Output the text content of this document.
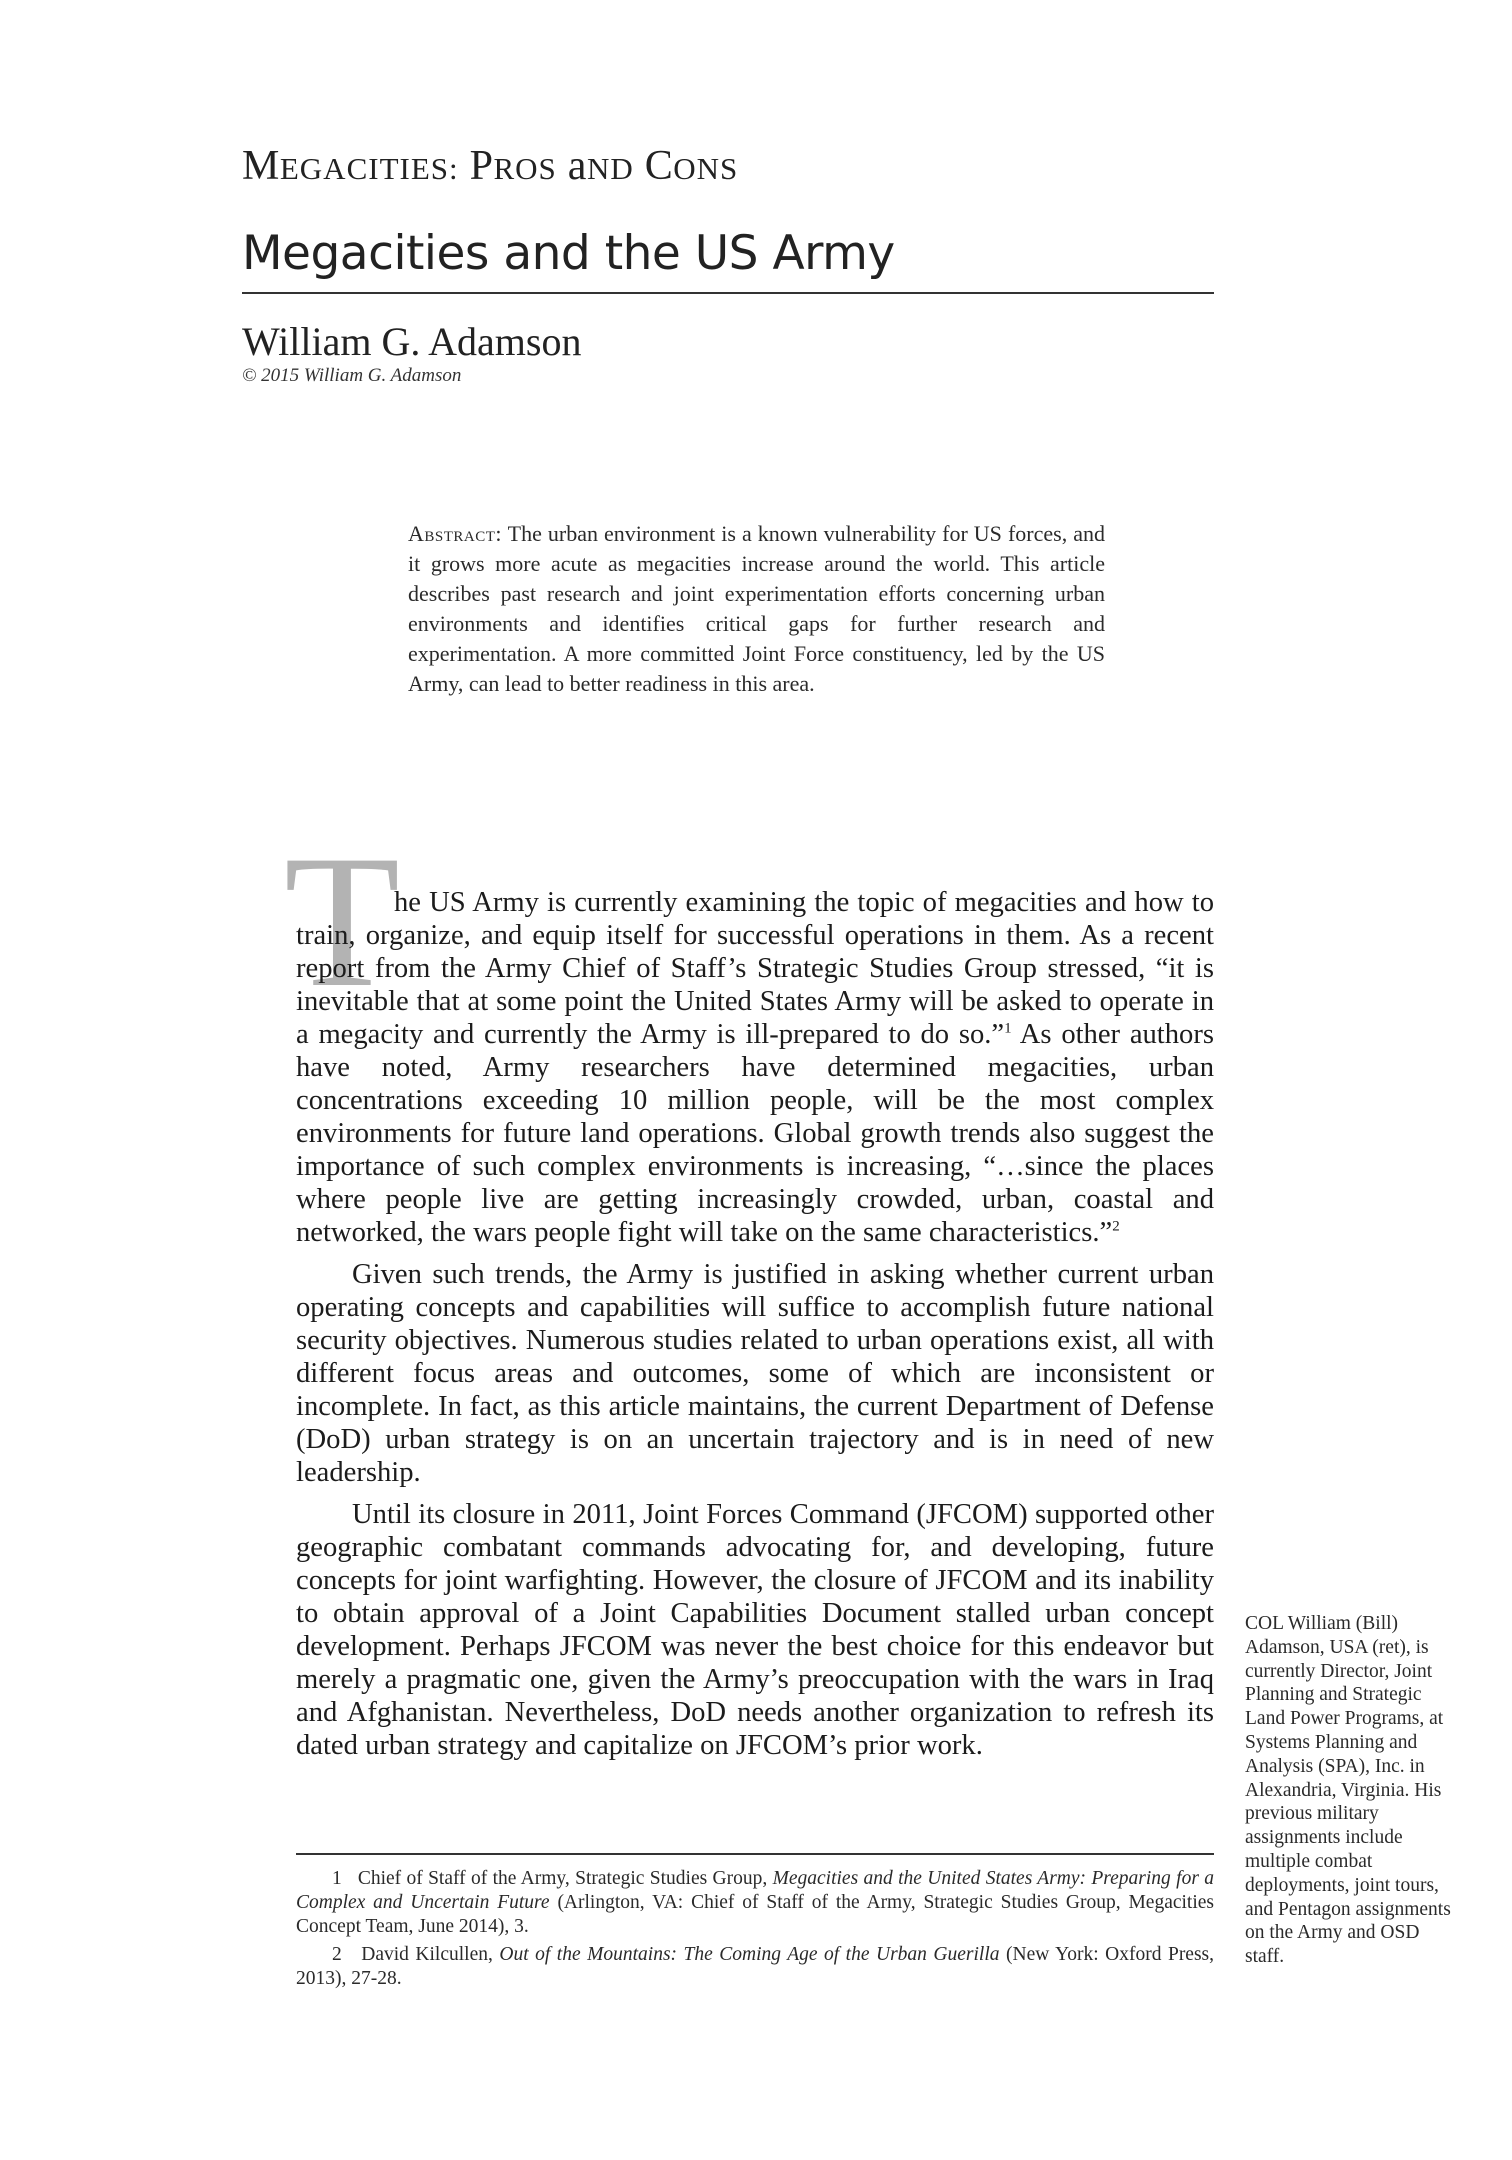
MEGACITIES: PROS aND CONS
Megacities and the US Army
William G. Adamson
© 2015 William G. Adamson
Abstract: The urban environment is a known vulnerability for US forces, and it grows more acute as megacities increase around the world. This article describes past research and joint experimentation efforts concerning urban environments and identifies critical gaps for further research and experimentation. A more committed Joint Force constituency, led by the US Army, can lead to better readiness in this area.
T

he US Army is currently examining the topic of megacities and how to train, organize, and equip itself for successful operations in them. As a recent report from the Army Chief of Staff’s Strategic Studies Group stressed, “it is inevitable that at some point the United States Army will be asked to operate in a megacity and currently the Army is ill-prepared to do so.”$^1$ As other authors have noted, Army researchers have determined megacities, urban concentrations exceeding 10 million people, will be the most complex environments for future land operations. Global growth trends also suggest the importance of such complex environments is increasing, “…since the places where people live are getting increasingly crowded, urban, coastal and networked, the wars people fight will take on the same characteristics.”$^2$

Given such trends, the Army is justified in asking whether current urban operating concepts and capabilities will suffice to accomplish future national security objectives. Numerous studies related to urban operations exist, all with different focus areas and outcomes, some of which are inconsistent or incomplete. In fact, as this article maintains, the current Department of Defense (DoD) urban strategy is on an uncertain trajectory and is in need of new leadership.

Until its closure in 2011, Joint Forces Command (JFCOM) supported other geographic combatant commands advocating for, and developing, future concepts for joint warfighting. However, the closure of JFCOM and its inability to obtain approval of a Joint Capabilities Document stalled urban concept development. Perhaps JFCOM was never the best choice for this endeavor but merely a pragmatic one, given the Army’s preoccupation with the wars in Iraq and Afghanistan. Nevertheless, DoD needs another organization to refresh its dated urban strategy and capitalize on JFCOM’s prior work.

1 Chief of Staff of the Army, Strategic Studies Group, Megacities and the United States Army: Preparing for a Complex and Uncertain Future (Arlington, VA: Chief of Staff of the Army, Strategic Studies Group, Megacities Concept Team, June 2014), 3.

2 David Kilcullen, Out of the Mountains: The Coming Age of the Urban Guerilla (New York: Oxford Press, 2013), 27-28.

COL William (Bill) Adamson, USA (ret), is currently Director, Joint Planning and Strategic Land Power Programs, at Systems Planning and Analysis (SPA), Inc. in Alexandria, Virginia. His previous military assignments include multiple combat deployments, joint tours, and Pentagon assignments on the Army and OSD staff.
